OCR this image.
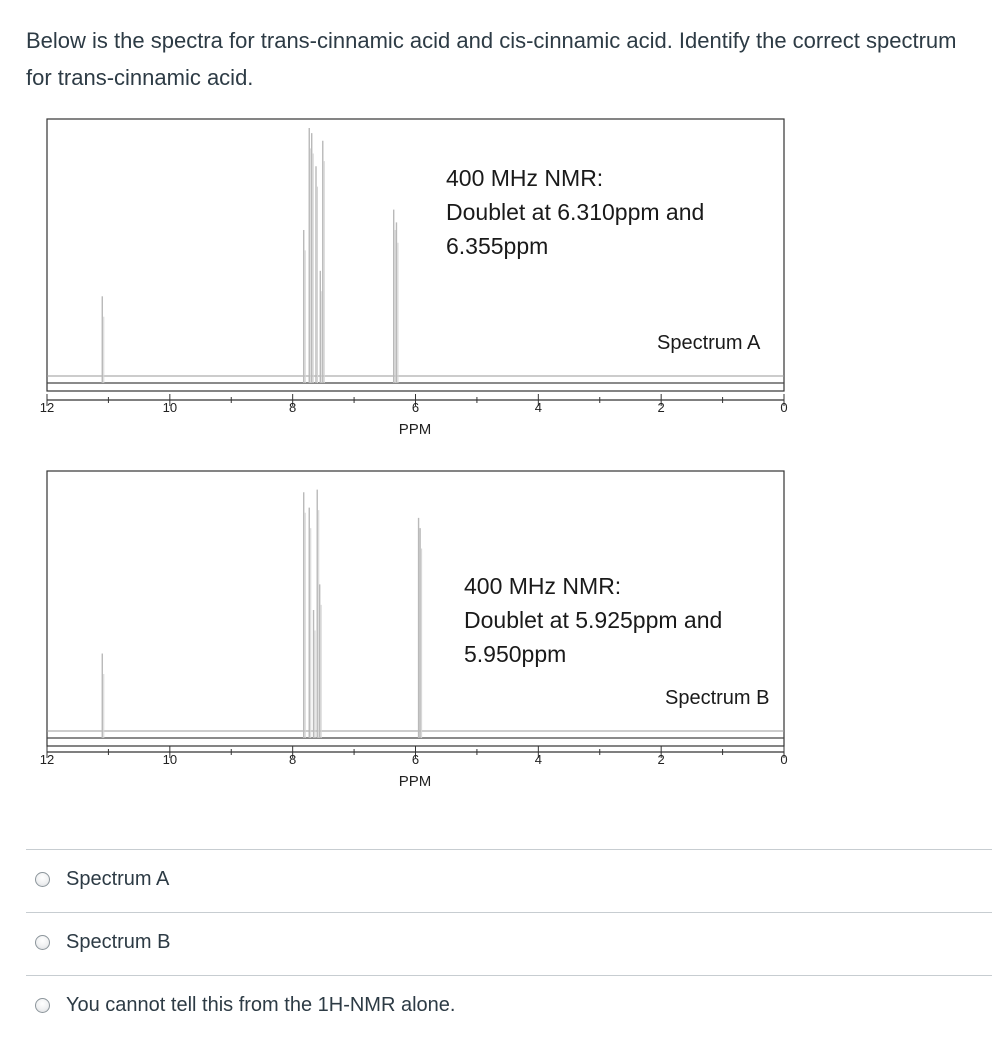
Below is the spectra for trans-cinnamic acid and cis-cinnamic acid. Identify the correct spectrum for trans-cinnamic acid.

12	10	8	6	4	2	0
PPM
400 MHz NMR:
Doublet at 6.310ppm and
6.355ppm
Spectrum A
12	10	8	6	4	2	0
PPM
400 MHz NMR:
Doublet at 5.925ppm and
5.950ppm
Spectrum B
Spectrum A
Spectrum B
You cannot tell this from the 1H-NMR alone.
